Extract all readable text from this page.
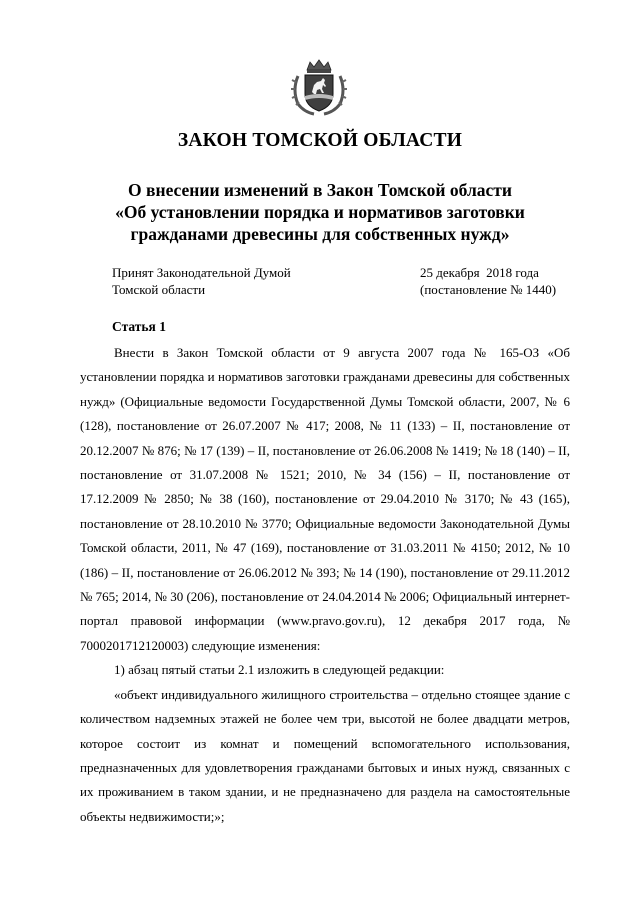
ЗАКОН ТОМСКОЙ ОБЛАСТИ
О внесении изменений в Закон Томской области
«Об установлении порядка и нормативов заготовки
гражданами древесины для собственных нужд»
Принят Законодательной Думой
Томской области
25 декабря  2018 года
(постановление № 1440)
Статья 1

Внести в Закон Томской области от 9 августа 2007 года № 165-ОЗ «Об установлении порядка и нормативов заготовки гражданами древесины для собственных нужд» (Официальные ведомости Государственной Думы Томской области, 2007, № 6 (128), постановление от 26.07.2007 № 417; 2008, № 11 (133) – II, постановление от 20.12.2007 № 876; № 17 (139) – II, постановление от 26.06.2008 № 1419; № 18 (140) – II, постановление от 31.07.2008 № 1521; 2010, № 34 (156) – II, постановление от 17.12.2009 № 2850; № 38 (160), постановление от 29.04.2010 № 3170; № 43 (165), постановление от 28.10.2010 № 3770; Официальные ведомости Законодательной Думы Томской области, 2011, № 47 (169), постановление от 31.03.2011 № 4150; 2012, № 10 (186) – II, постановление от 26.06.2012 № 393; № 14 (190), постановление от 29.11.2012 № 765; 2014, № 30 (206), постановление от 24.04.2014 № 2006; Официальный интернет-портал правовой информации (www.pravo.gov.ru), 12 декабря 2017 года, № 7000201712120003) следующие изменения:

1) абзац пятый статьи 2.1 изложить в следующей редакции:

«объект индивидуального жилищного строительства – отдельно стоящее здание с количеством надземных этажей не более чем три, высотой не более двадцати метров, которое состоит из комнат и помещений вспомогательного использования, предназначенных для удовлетворения гражданами бытовых и иных нужд, связанных с их проживанием в таком здании, и не предназначено для раздела на самостоятельные объекты недвижимости;»;
